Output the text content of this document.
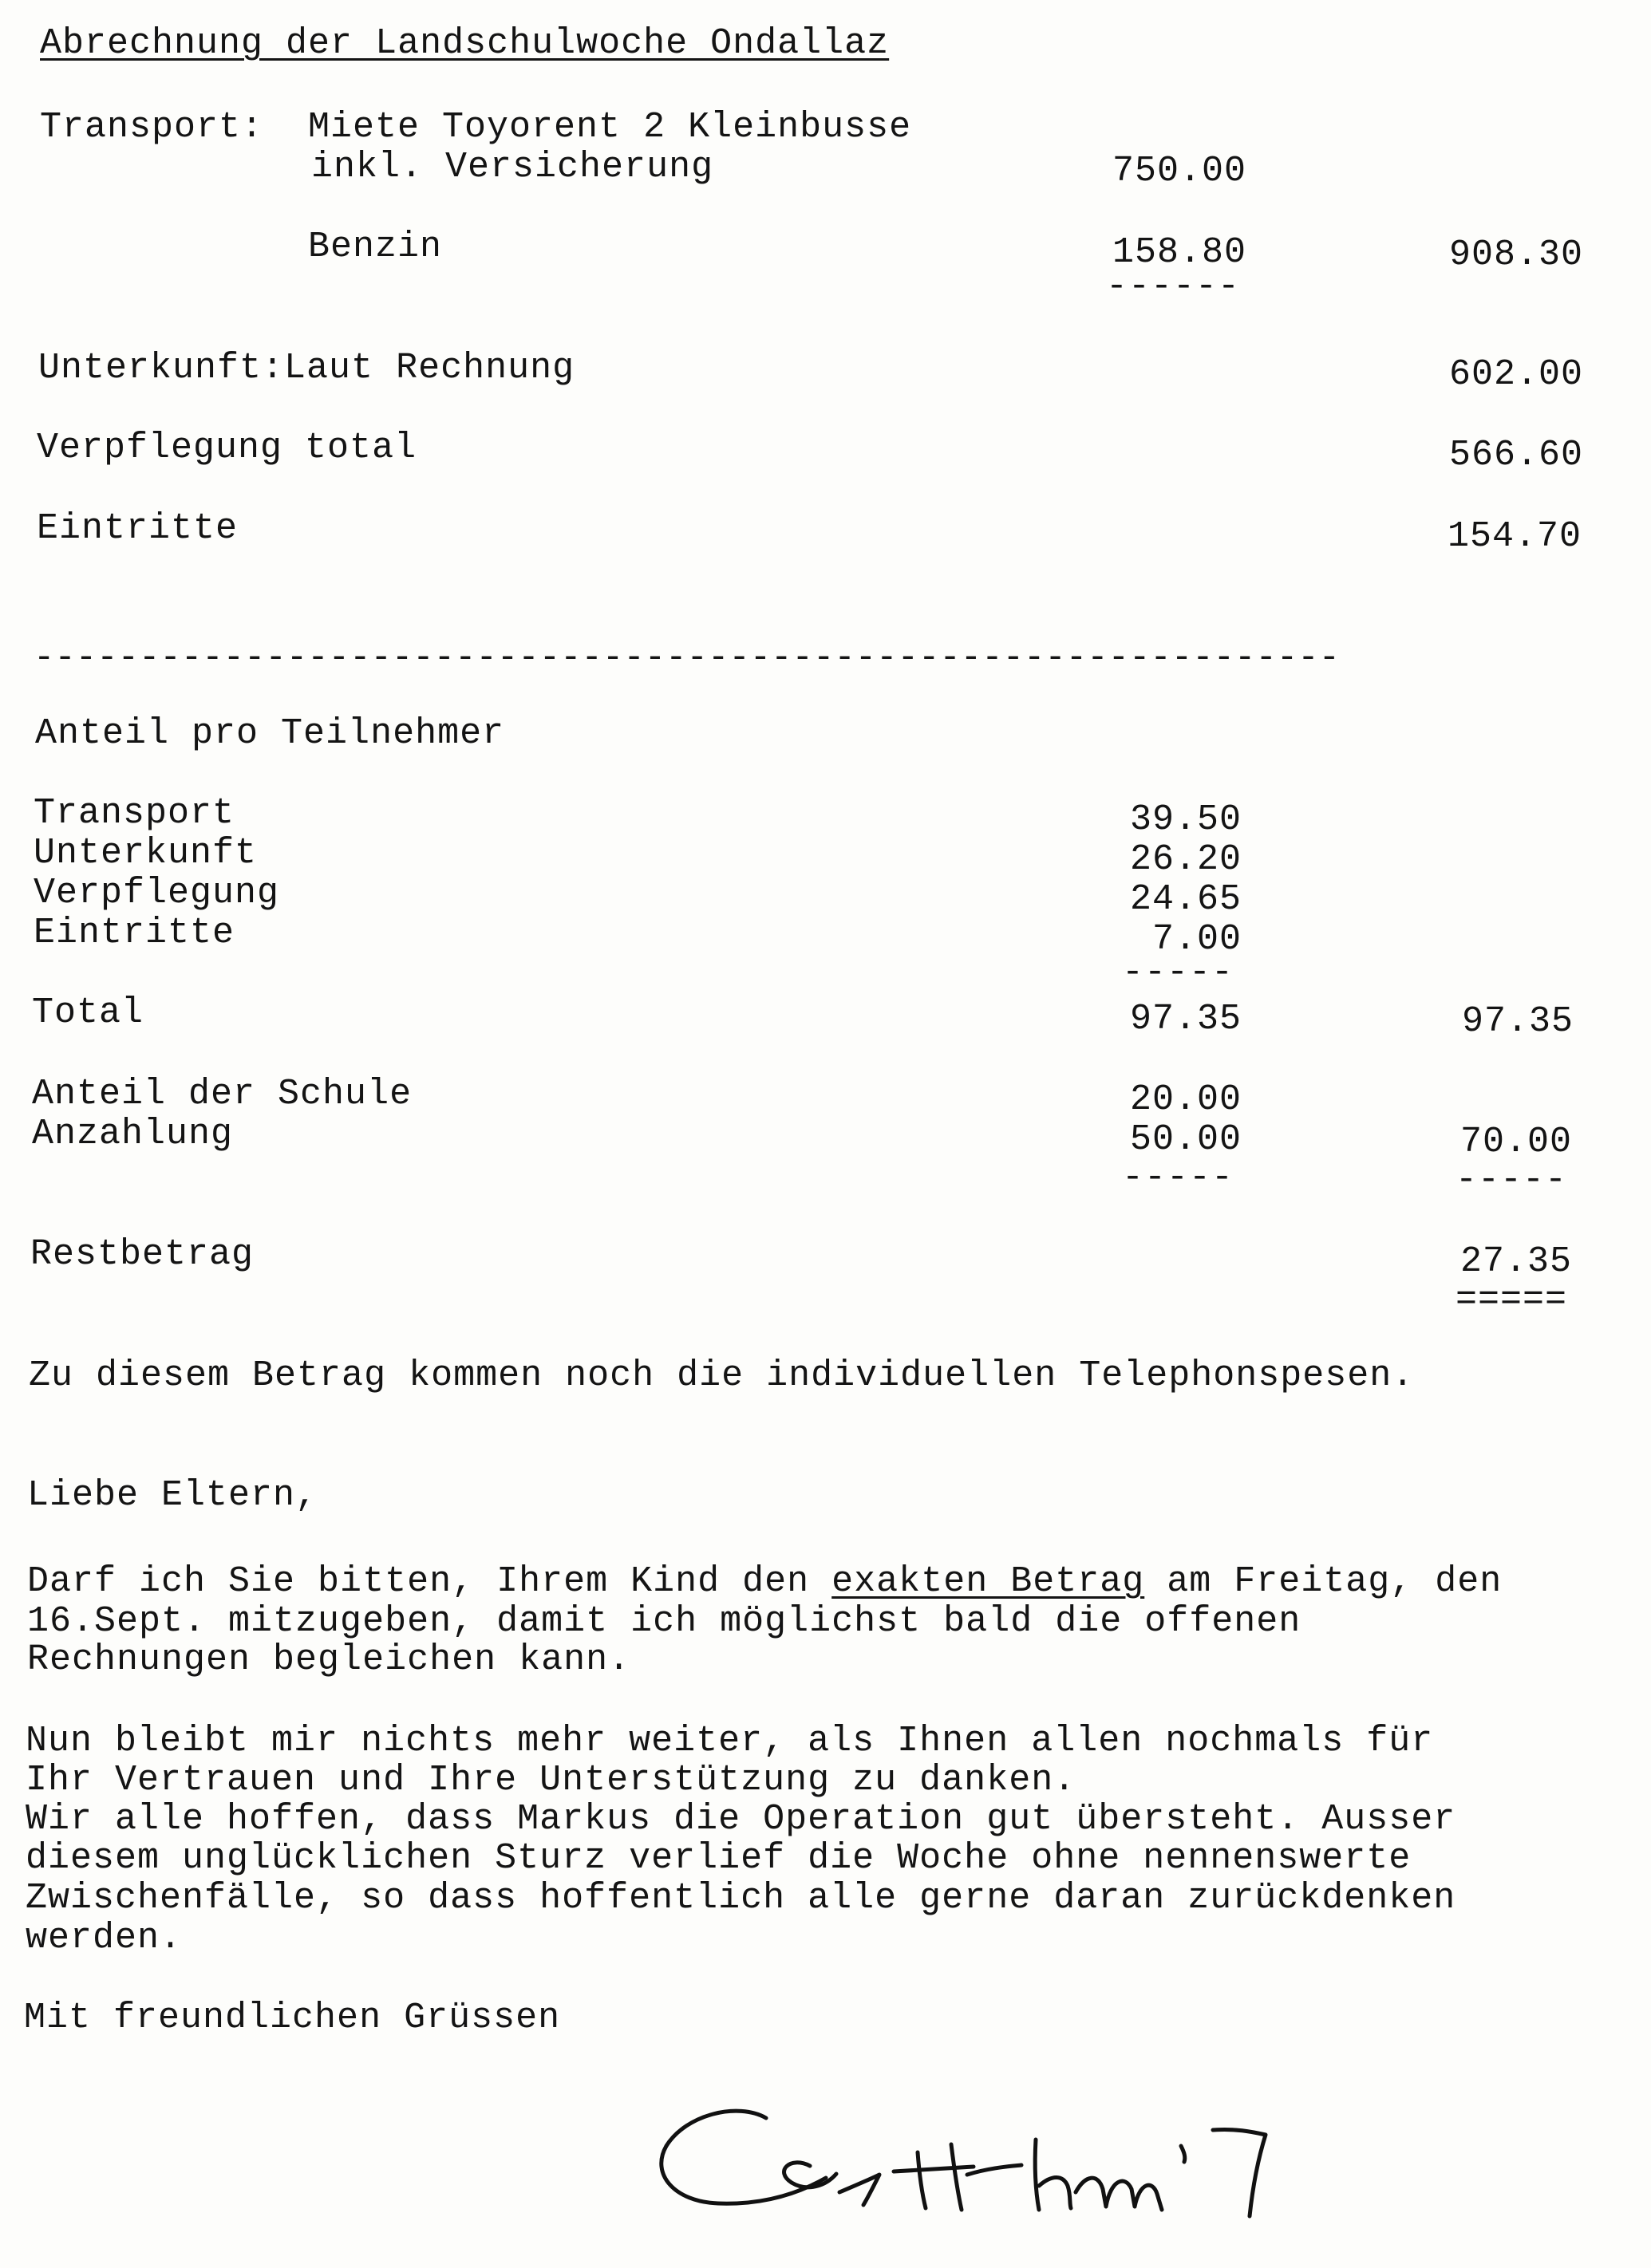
Abrechnung der Landschulwoche Ondallaz
Transport: Miete Toyorent 2 Kleinbusse
inkl. Versicherung	750.00
Benzin	158.80	908.30
------
Unterkunft:Laut Rechnung	602.00
Verpflegung total	566.60
Eintritte	154.70
--------------------------------------------------------------
Anteil pro Teilnehmer
Transport	39.50
Unterkunft	26.20
Verpflegung	24.65
Eintritte	7.00
-----
Total	97.35	97.35
Anteil der Schule	20.00
Anzahlung	50.00	70.00
-----	-----
Restbetrag	27.35
=====
Zu diesem Betrag kommen noch die individuellen Telephonspesen.
Liebe Eltern,
Darf ich Sie bitten, Ihrem Kind den exakten Betrag am Freitag, den
16.Sept. mitzugeben, damit ich möglichst bald die offenen
Rechnungen begleichen kann.
Nun bleibt mir nichts mehr weiter, als Ihnen allen nochmals für
Ihr Vertrauen und Ihre Unterstützung zu danken.
Wir alle hoffen, dass Markus die Operation gut übersteht. Ausser
diesem unglücklichen Sturz verlief die Woche ohne nennenswerte
Zwischenfälle, so dass hoffentlich alle gerne daran zurückdenken
werden.
Mit freundlichen Grüssen
